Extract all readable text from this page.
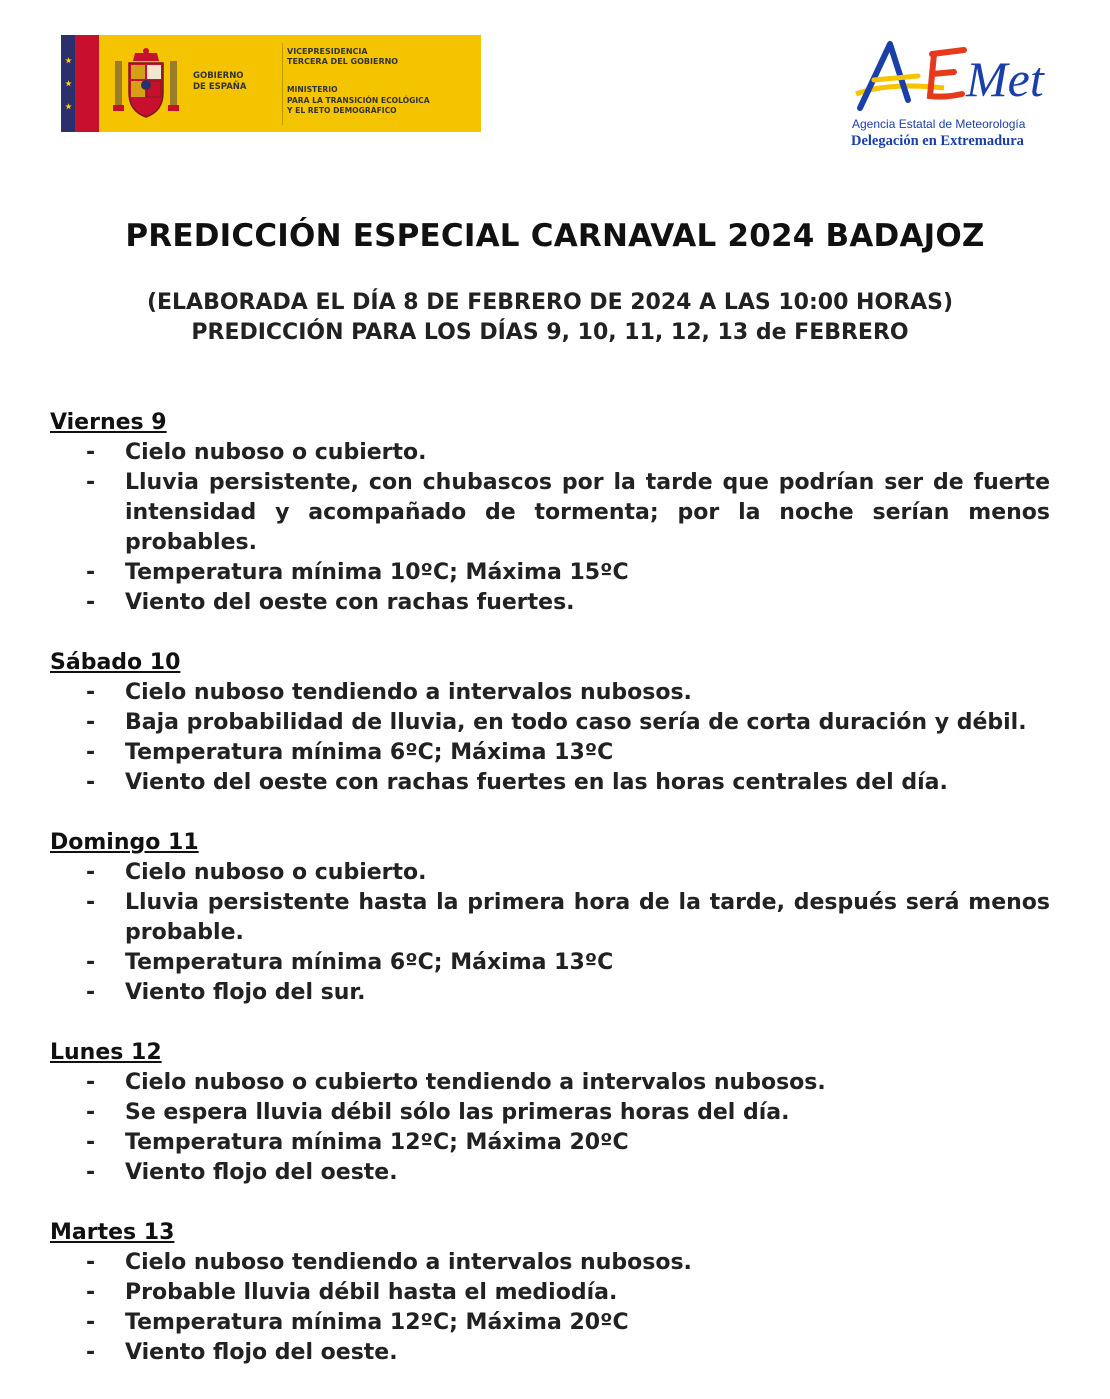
GOBIERNO
DE ESPAÑA
VICEPRESIDENCIA
TERCERA DEL GOBIERNO
MINISTERIO
PARA LA TRANSICIÓN ECOLÓGICA
Y EL RETO DEMOGRÁFICO
Met
Agencia Estatal de Meteorología
Delegación en Extremadura
PREDICCIÓN ESPECIAL CARNAVAL 2024 BADAJOZ
(ELABORADA EL DÍA 8 DE FEBRERO DE 2024 A LAS 10:00 HORAS)
PREDICCIÓN PARA LOS DÍAS 9, 10, 11, 12, 13 de FEBRERO
Viernes 9
- Cielo nuboso o cubierto.
- Lluvia persistente, con chubascos por la tarde que podrían ser de fuerte intensidad y acompañado de tormenta; por la noche serían menos probables.
- Temperatura mínima 10ºC; Máxima 15ºC
- Viento del oeste con rachas fuertes.
Sábado 10
- Cielo nuboso tendiendo a intervalos nubosos.
- Baja probabilidad de lluvia, en todo caso sería de corta duración y débil.
- Temperatura mínima 6ºC; Máxima 13ºC
- Viento del oeste con rachas fuertes en las horas centrales del día.
Domingo 11
- Cielo nuboso o cubierto.
- Lluvia persistente hasta la primera hora de la tarde, después será menos probable.
- Temperatura mínima 6ºC; Máxima 13ºC
- Viento flojo del sur.
Lunes 12
- Cielo nuboso o cubierto tendiendo a intervalos nubosos.
- Se espera lluvia débil sólo las primeras horas del día.
- Temperatura mínima 12ºC; Máxima 20ºC
- Viento flojo del oeste.
Martes 13
- Cielo nuboso tendiendo a intervalos nubosos.
- Probable lluvia débil hasta el mediodía.
- Temperatura mínima 12ºC; Máxima 20ºC
- Viento flojo del oeste.
